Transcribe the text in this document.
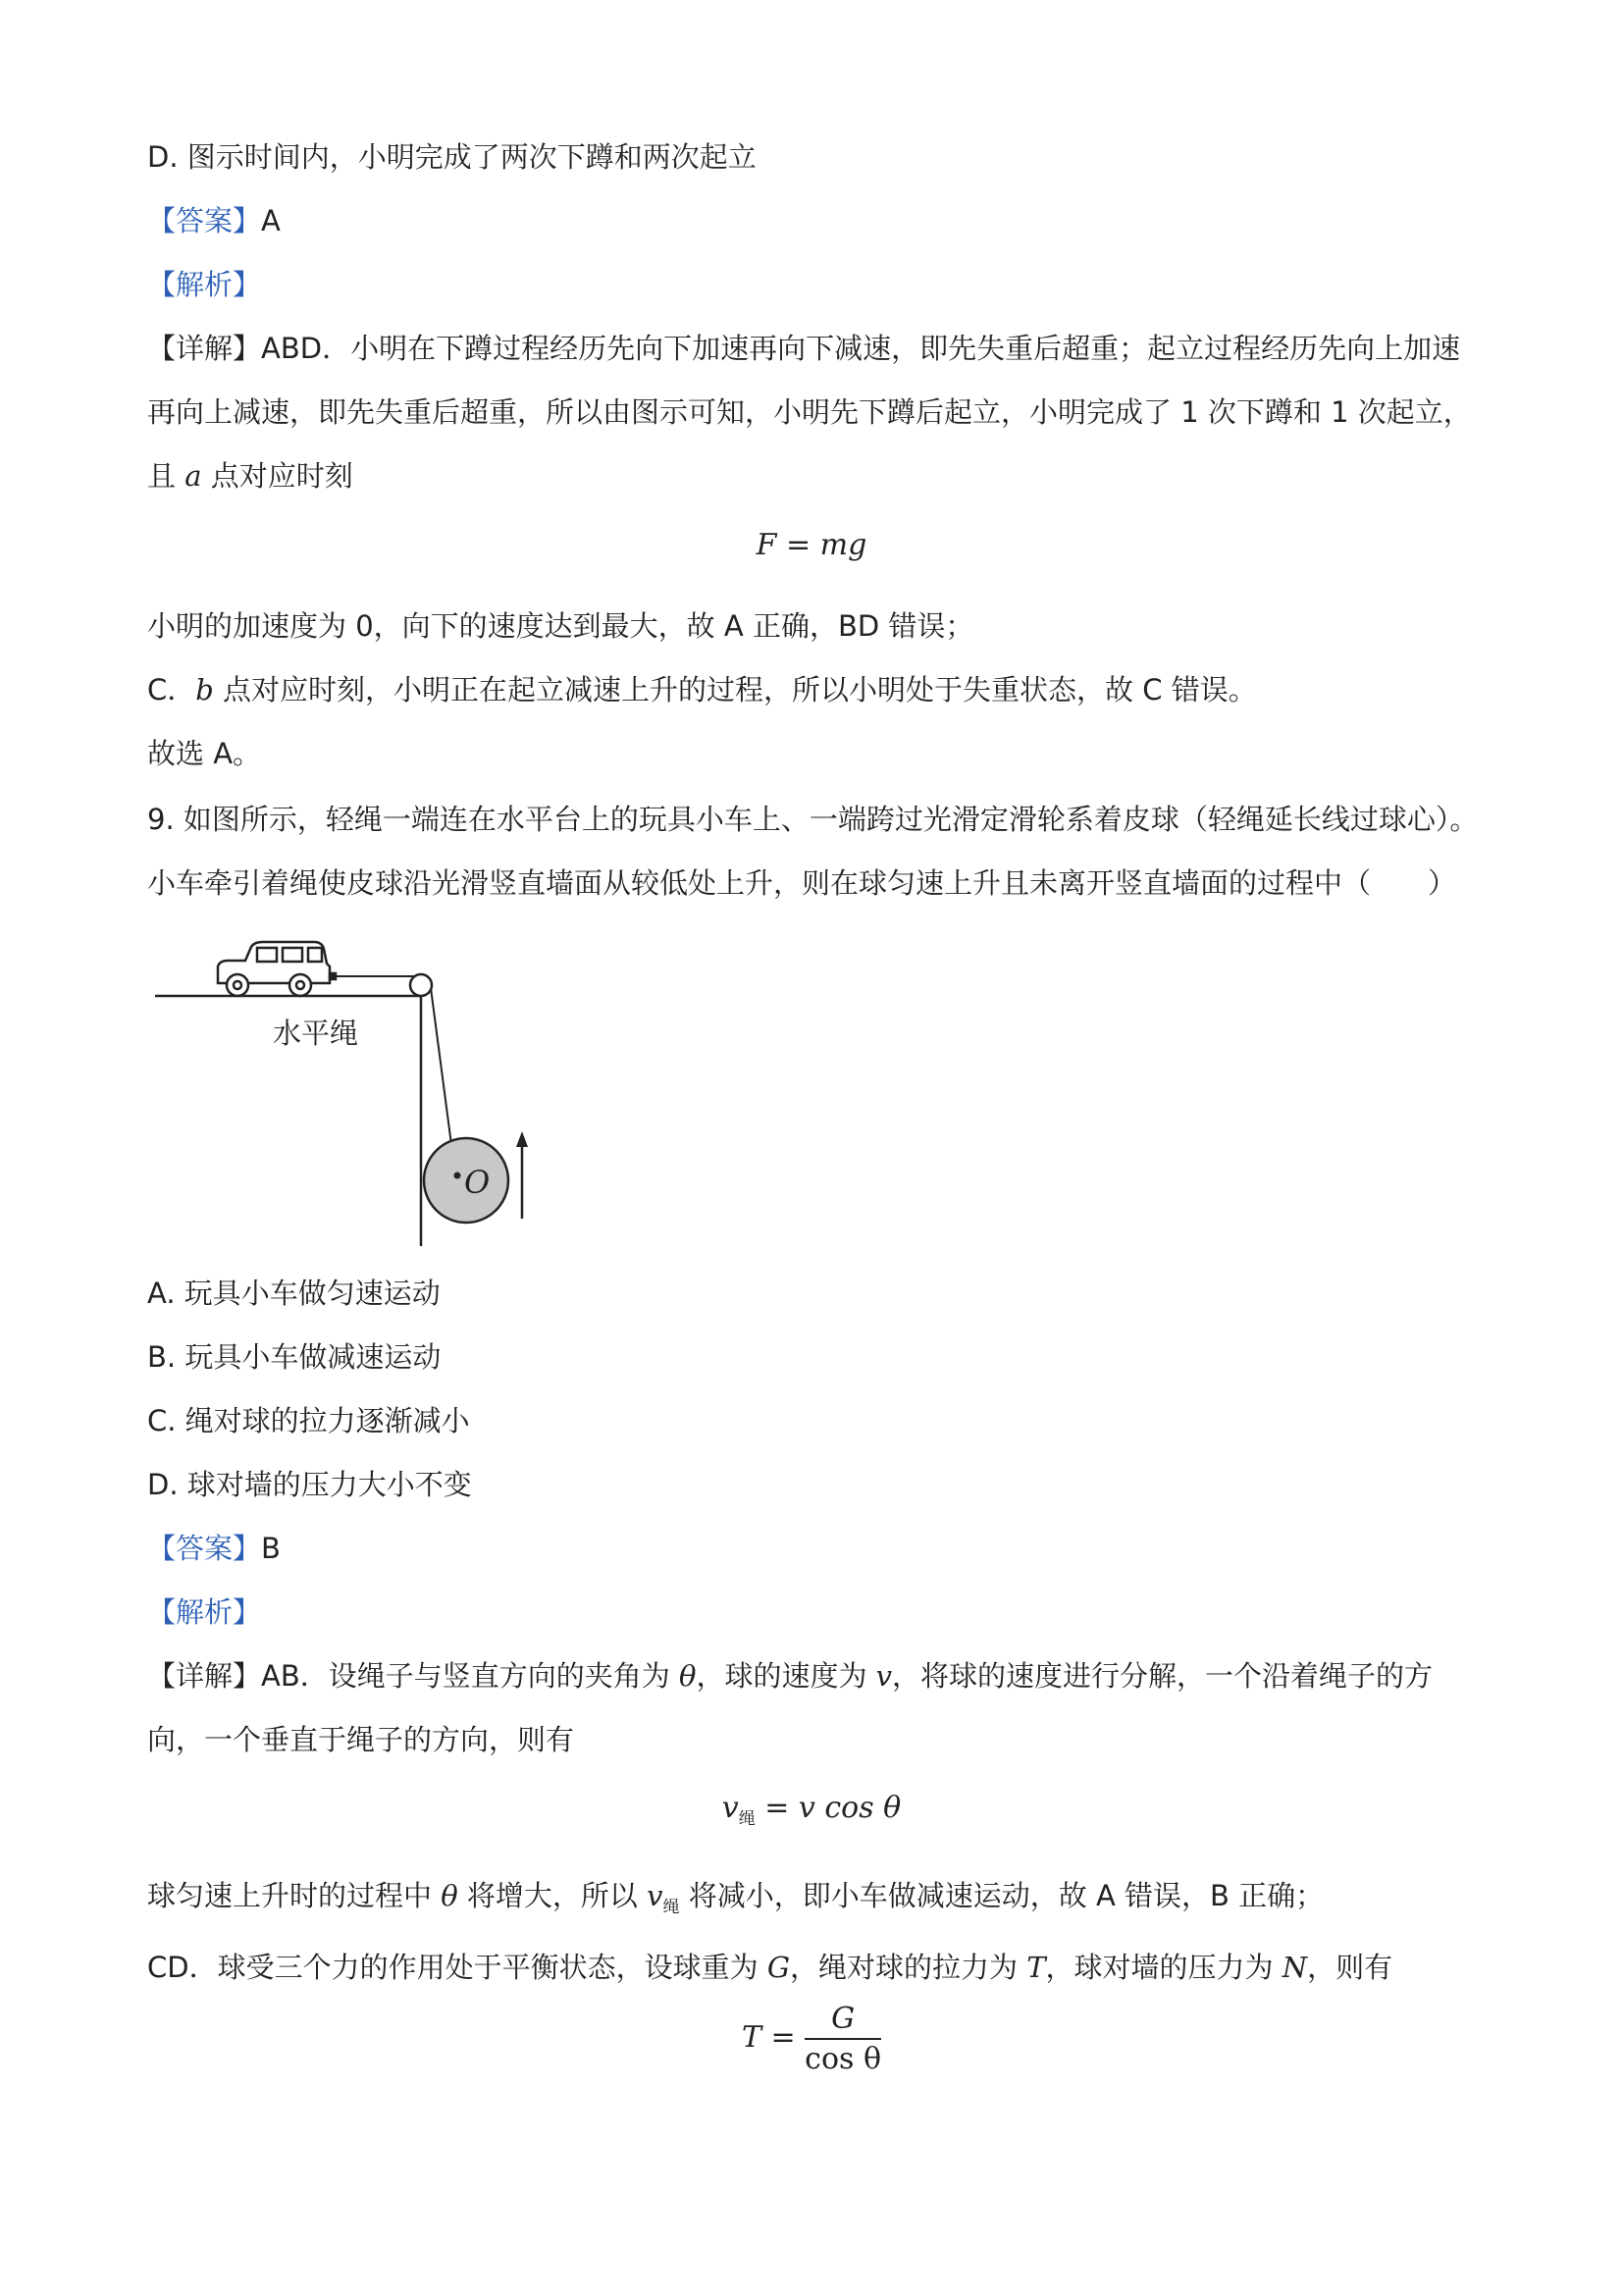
D. 图示时间内，小明完成了两次下蹲和两次起立
【答案】A
【解析】
【详解】ABD．小明在下蹲过程经历先向下加速再向下减速，即先失重后超重；起立过程经历先向上加速
再向上减速，即先失重后超重，所以由图示可知，小明先下蹲后起立，小明完成了 1 次下蹲和 1 次起立，
且 a 点对应时刻
F = mg
小明的加速度为 0，向下的速度达到最大，故 A 正确，BD 错误；
C．b 点对应时刻，小明正在起立减速上升的过程，所以小明处于失重状态，故 C 错误。
故选 A。
9. 如图所示，轻绳一端连在水平台上的玩具小车上、一端跨过光滑定滑轮系着皮球（轻绳延长线过球心）。
小车牵引着绳使皮球沿光滑竖直墙面从较低处上升，则在球匀速上升且未离开竖直墙面的过程中（　　）
O
水平绳
A. 玩具小车做匀速运动
B. 玩具小车做减速运动
C. 绳对球的拉力逐渐减小
D. 球对墙的压力大小不变
【答案】B
【解析】
【详解】AB．设绳子与竖直方向的夹角为 θ，球的速度为 v，将球的速度进行分解，一个沿着绳子的方
向，一个垂直于绳子的方向，则有
$v_绳 = v$ cos θ
球匀速上升时的过程中 θ 将增大，所以 $v_绳$ 将减小，即小车做减速运动，故 A 错误，B 正确；
CD．球受三个力的作用处于平衡状态，设球重为 G，绳对球的拉力为 T，球对墙的压力为 N，则有
$T = \frac{G}{\text{cos θ}}$
